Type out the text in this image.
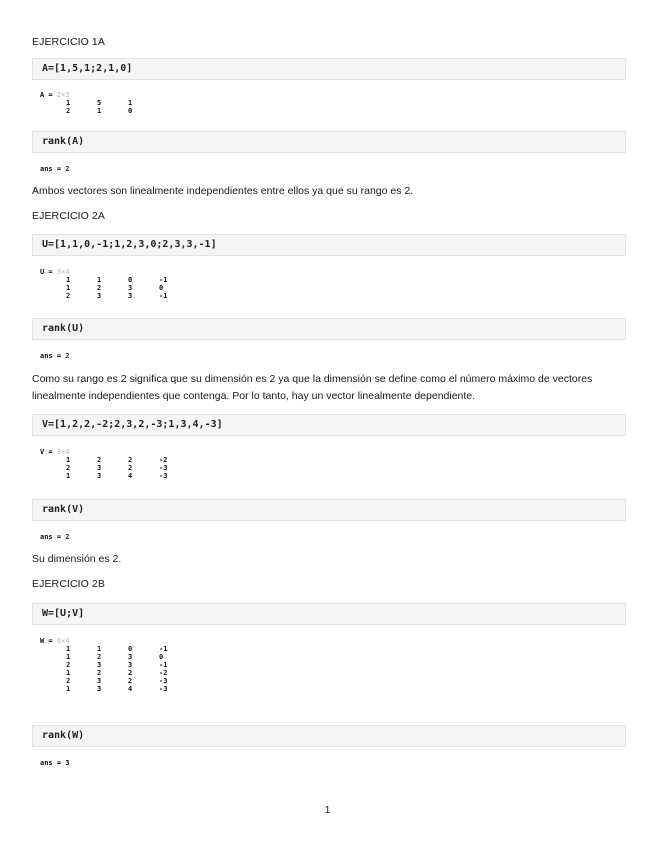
EJERCICIO 1A
A=[1,5,1;2,1,0]
A = 2×3
1	5	1
2	1	0
rank(A)
ans = 2
Ambos vectores son linealmente independientes entre ellos ya que su rango es 2.
EJERCICIO 2A
U=[1,1,0,-1;1,2,3,0;2,3,3,-1]
U = 3×4
1	1	0	-1
1	2	3	0
2	3	3	-1
rank(U)
ans = 2
Como su rango es 2 significa que su dimensión es 2 ya que la dimensión se define como el número máximo de vectores linealmente independientes que contenga. Por lo tanto, hay un vector linealmente dependiente.
V=[1,2,2,-2;2,3,2,-3;1,3,4,-3]
V = 3×4
1	2	2	-2
2	3	2	-3
1	3	4	-3
rank(V)
ans = 2
Su dimensión es 2.
EJERCICIO 2B
W=[U;V]
W = 6×4
1	1	0	-1
1	2	3	0
2	3	3	-1
1	2	2	-2
2	3	2	-3
1	3	4	-3
rank(W)
ans = 3
1
